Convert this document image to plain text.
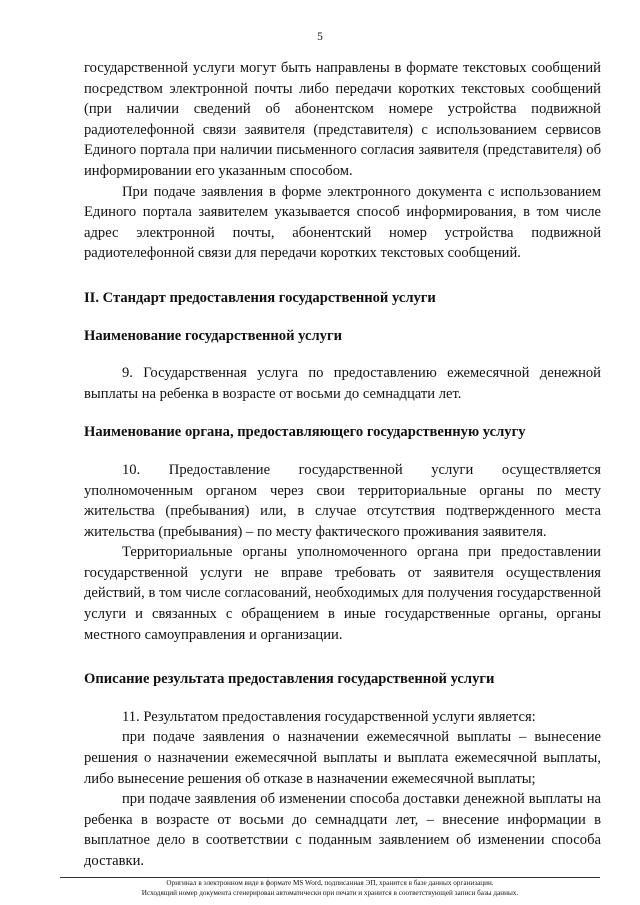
5

государственной услуги могут быть направлены в формате текстовых сообщений посредством электронной почты либо передачи коротких текстовых сообщений (при наличии сведений об абонентском номере устройства подвижной радиотелефонной связи заявителя (представителя) с использованием сервисов Единого портала при наличии письменного согласия заявителя (представителя) об информировании его указанным способом.

При подаче заявления в форме электронного документа с использованием Единого портала заявителем указывается способ информирования, в том числе адрес электронной почты, абонентский номер устройства подвижной радиотелефонной связи для передачи коротких текстовых сообщений.

II. Стандарт предоставления государственной услуги

Наименование государственной услуги

9. Государственная услуга по предоставлению ежемесячной денежной выплаты на ребенка в возрасте от восьми до семнадцати лет.

Наименование органа, предоставляющего государственную услугу

10. Предоставление государственной услуги осуществляется уполномоченным органом через свои территориальные органы по месту жительства (пребывания) или, в случае отсутствия подтвержденного места жительства (пребывания) – по месту фактического проживания заявителя.

Территориальные органы уполномоченного органа при предоставлении государственной услуги не вправе требовать от заявителя осуществления действий, в том числе согласований, необходимых для получения государственной услуги и связанных с обращением в иные государственные органы, органы местного самоуправления и организации.

Описание результата предоставления государственной услуги

11. Результатом предоставления государственной услуги является:

при подаче заявления о назначении ежемесячной выплаты – вынесение решения о назначении ежемесячной выплаты и выплата ежемесячной выплаты, либо вынесение решения об отказе в назначении ежемесячной выплаты;

при подаче заявления об изменении способа доставки денежной выплаты на ребенка в возрасте от восьми до семнадцати лет, – внесение информации в выплатное дело в соответствии с поданным заявлением об изменении способа доставки.

Оригинал в электронном виде в формате MS Word, подписанная ЭП, хранится в базе данных организации.
Исходящий номер документа сгенерирован автоматически при печати и хранится в соответствующей записи базы данных.
